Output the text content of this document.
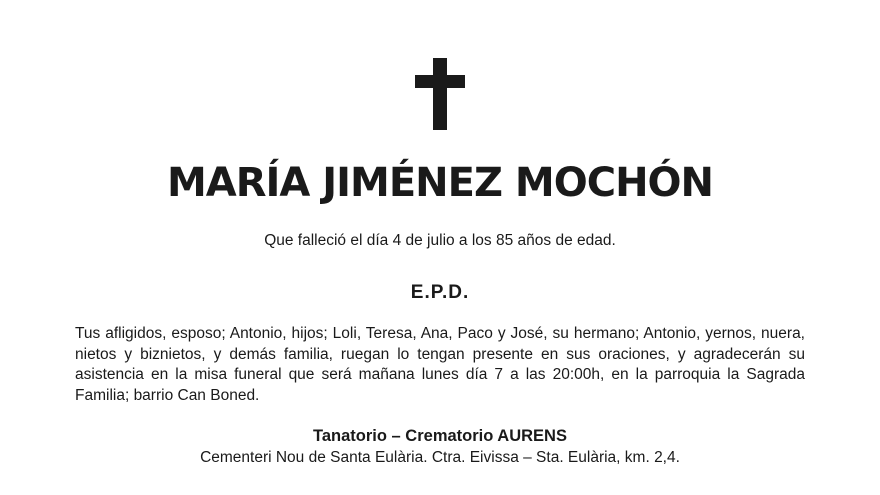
MARÍA JIMÉNEZ MOCHÓN
Que falleció el día 4 de julio a los 85 años de edad.
E.P.D.
Tus afligidos, esposo; Antonio, hijos; Loli, Teresa, Ana, Paco y José, su hermano; Antonio, yernos, nuera, nietos y biznietos, y demás familia, ruegan lo tengan presente en sus oraciones, y agradecerán su asistencia en la misa funeral que será mañana lunes día 7 a las 20:00h, en la parroquia la Sagrada Familia; barrio Can Boned.
Tanatorio – Crematorio AURENS
Cementeri Nou de Santa Eulària. Ctra. Eivissa – Sta. Eulària, km. 2,4.
